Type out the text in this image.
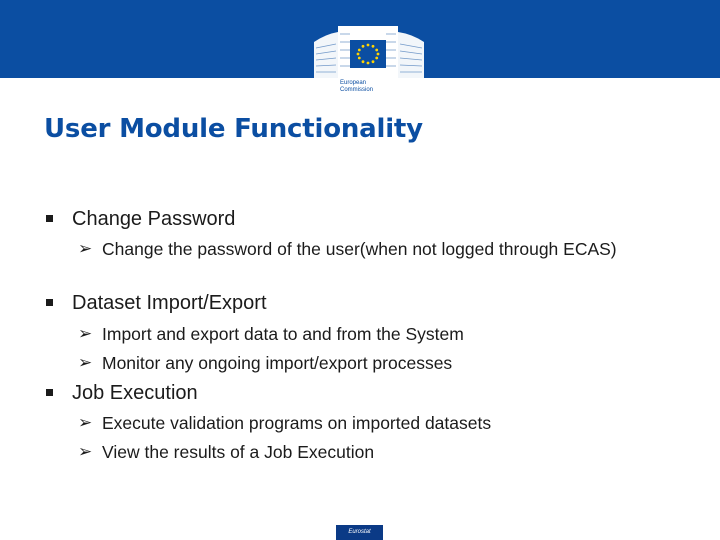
European
Commission
User Module Functionality
Change Password
➢ Change the password of the user(when not logged through ECAS)
Dataset Import/Export
➢ Import and export data to and from the System
➢ Monitor any ongoing import/export processes
Job Execution
➢ Execute validation programs on imported datasets
➢ View the results of a Job Execution
Eurostat
